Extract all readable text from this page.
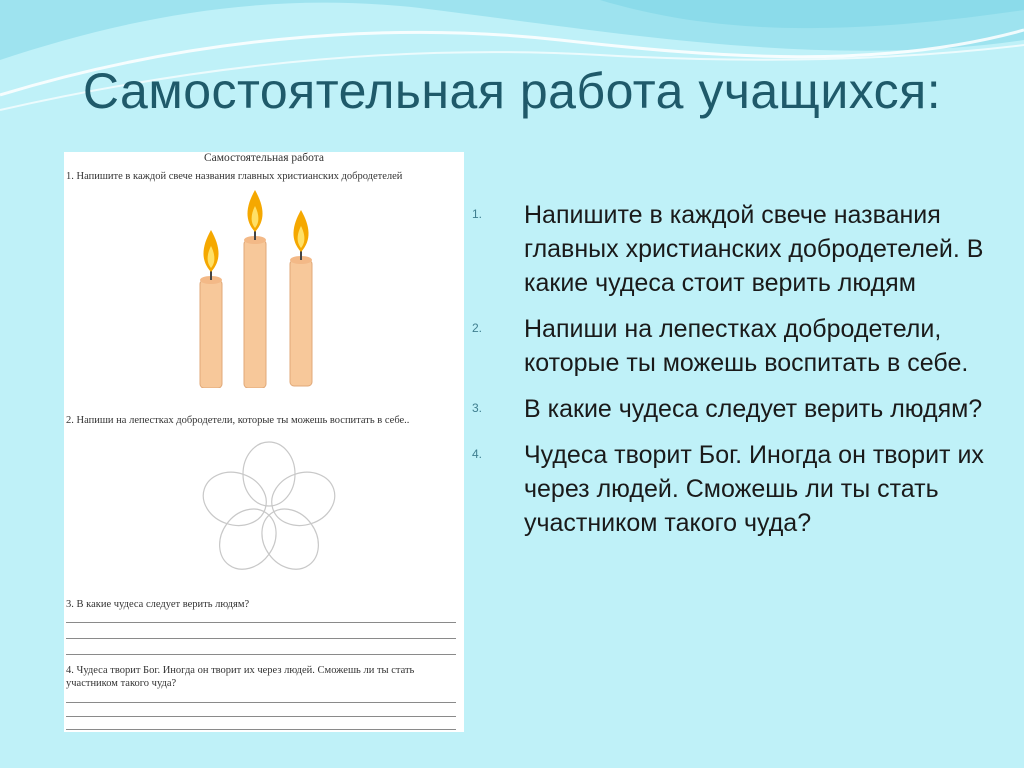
Самостоятельная работа учащихся:
Самостоятельная работа
1. Напишите в каждой свече названия главных христианских добродетелей
2. Напиши на лепестках добродетели, которые ты можешь воспитать в себе..
3. В какие чудеса следует верить людям?
4. Чудеса творит Бог. Иногда он творит их через людей. Сможешь ли ты стать участником такого чуда?
1. Напишите в каждой свече названия главных христианских добродетелей. В какие чудеса стоит верить людям
2. Напиши на лепестках добродетели, которые ты можешь воспитать в себе.
3. В какие чудеса следует верить людям?
4. Чудеса творит Бог. Иногда он творит их через людей. Сможешь ли ты стать участником такого чуда?
